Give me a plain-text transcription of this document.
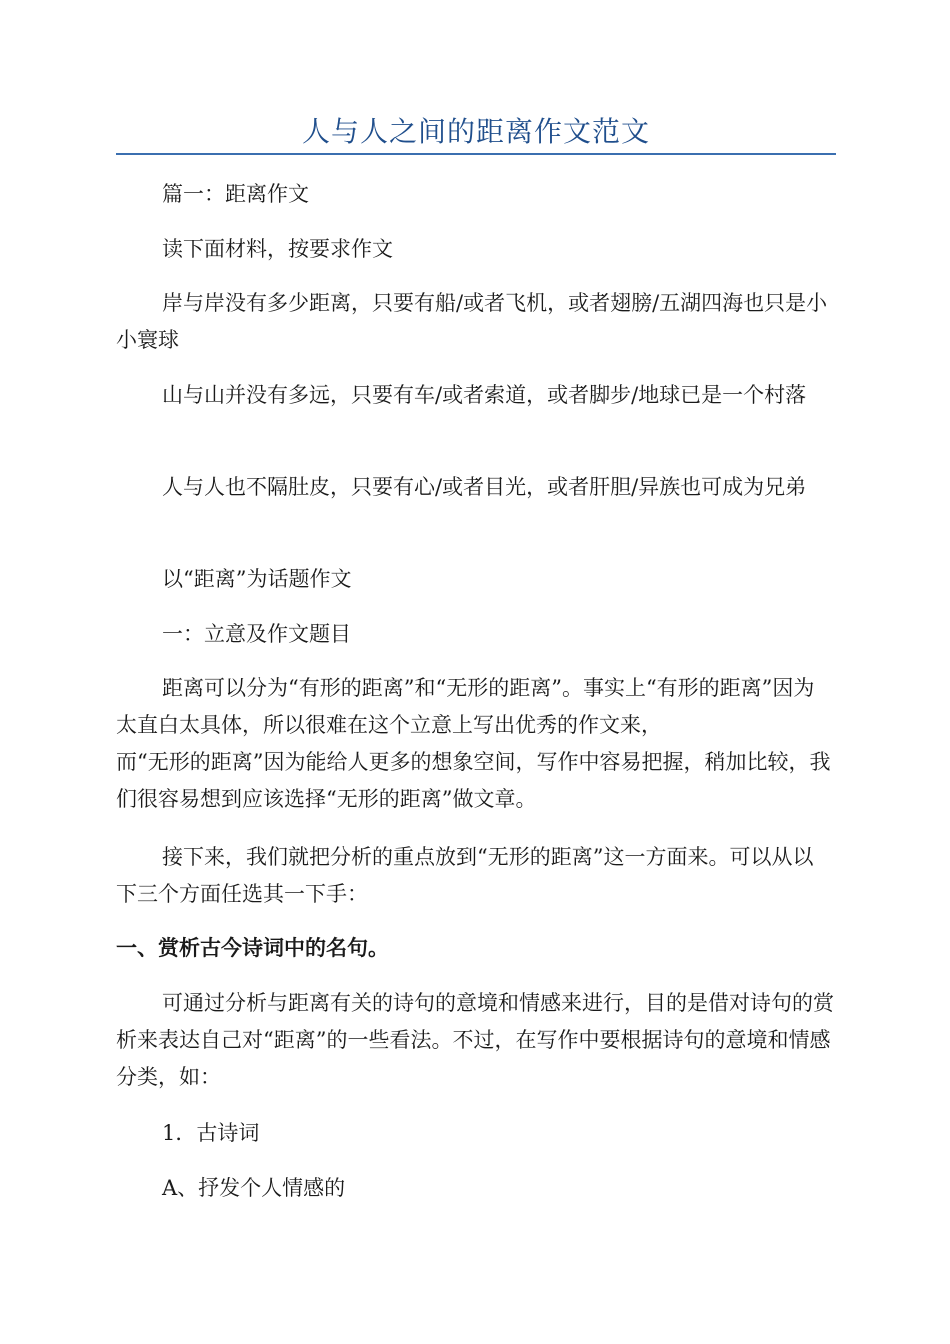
人与人之间的距离作文范文

篇一：距离作文

读下面材料，按要求作文

岸与岸没有多少距离，只要有船/或者飞机，或者翅膀/五湖四海也只是小小寰球

山与山并没有多远，只要有车/或者索道，或者脚步/地球已是一个村落

人与人也不隔肚皮，只要有心/或者目光，或者肝胆/异族也可成为兄弟

以“距离”为话题作文

一：立意及作文题目

距离可以分为“有形的距离”和“无形的距离”。事实上“有形的距离”因为太直白太具体，所以很难在这个立意上写出优秀的作文来，

而“无形的距离”因为能给人更多的想象空间，写作中容易把握，稍加比较，我们很容易想到应该选择“无形的距离”做文章。

接下来，我们就把分析的重点放到“无形的距离”这一方面来。可以从以下三个方面任选其一下手：

一、赏析古今诗词中的名句。

可通过分析与距离有关的诗句的意境和情感来进行，目的是借对诗句的赏析来表达自己对“距离”的一些看法。不过，在写作中要根据诗句的意境和情感分类，如：

1．古诗词

A、抒发个人情感的
